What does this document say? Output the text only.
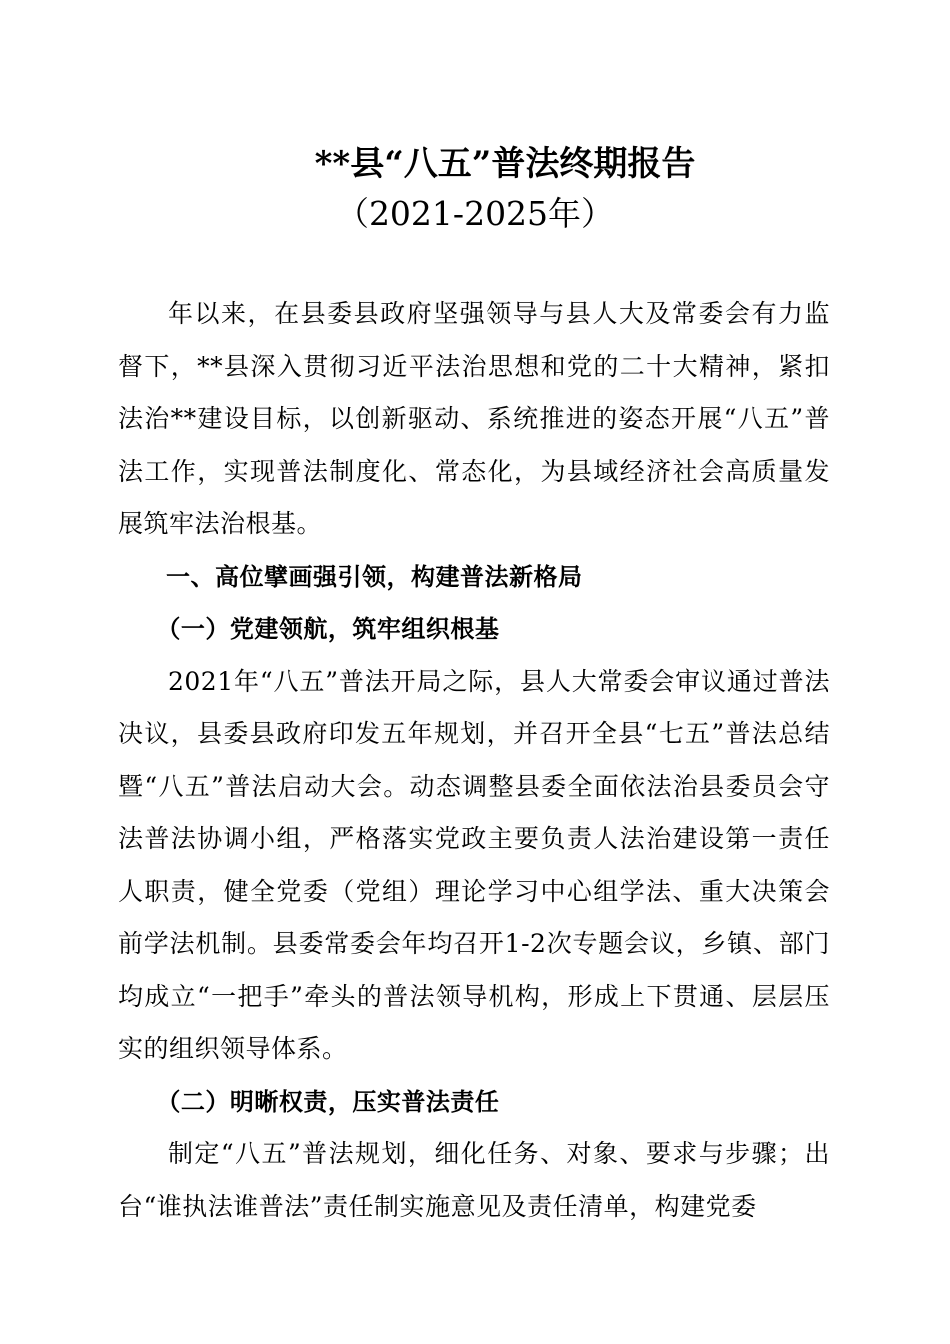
**县“八五”普法终期报告
（2021-2025年）

年以来，在县委县政府坚强领导与县人大及常委会有力监督下，**县深入贯彻习近平法治思想和党的二十大精神，紧扣法治**建设目标，以创新驱动、系统推进的姿态开展“八五”普法工作，实现普法制度化、常态化，为县域经济社会高质量发展筑牢法治根基。

一、高位擘画强引领，构建普法新格局

（一）党建领航，筑牢组织根基

2021年“八五”普法开局之际，县人大常委会审议通过普法决议，县委县政府印发五年规划，并召开全县“七五”普法总结暨“八五”普法启动大会。动态调整县委全面依法治县委员会守法普法协调小组，严格落实党政主要负责人法治建设第一责任人职责，健全党委（党组）理论学习中心组学法、重大决策会前学法机制。县委常委会年均召开1-2次专题会议，乡镇、部门均成立“一把手”牵头的普法领导机构，形成上下贯通、层层压实的组织领导体系。

（二）明晰权责，压实普法责任

制定“八五”普法规划，细化任务、对象、要求与步骤；出台“谁执法谁普法”责任制实施意见及责任清单，构建党委
